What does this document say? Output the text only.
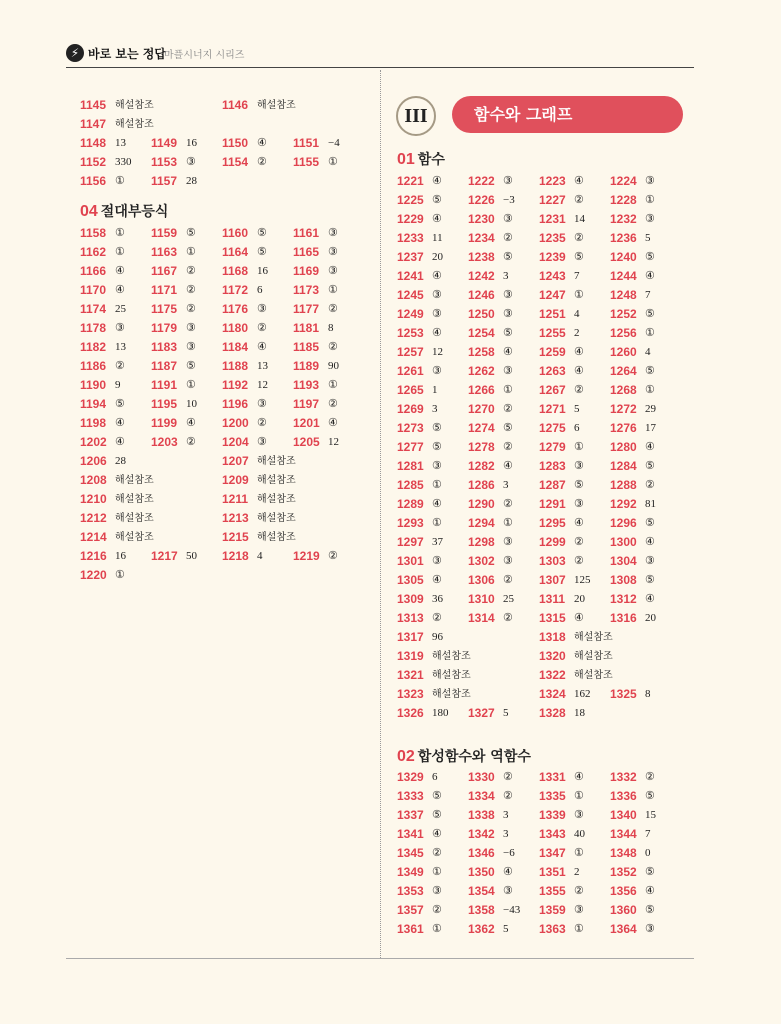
⚡ 바로 보는 정답
마플시너지 시리즈
1145 해설참조	1146 해설참조
1147 해설참조
1148 13 1149 16 1150 ④ 1151 −4
1152 330 1153 ③ 1154 ② 1155 ①
1156 ① 1157 28
04 절대부등식
1158 ① 1159 ⑤ 1160 ⑤ 1161 ③
1162 ① 1163 ① 1164 ⑤ 1165 ③
1166 ④ 1167 ② 1168 16 1169 ③
1170 ④ 1171 ② 1172 6	1173 ①
1174 25 1175 ② 1176 ③ 1177 ②
1178 ③ 1179 ③ 1180 ② 1181 8
1182 13 1183 ③ 1184 ④ 1185 ②
1186 ② 1187 ⑤ 1188 13 1189 90
1190 9	1191 ① 1192 12 1193 ①
1194 ⑤ 1195 10 1196 ③ 1197 ②
1198 ④ 1199 ④ 1200 ② 1201 ④
1202 ④ 1203 ② 1204 ③ 1205 12
1206 28	1207 해설참조
1208 해설참조	1209 해설참조
1210 해설참조	1211 해설참조
1212 해설참조	1213 해설참조
1214 해설참조	1215 해설참조
1216 16 1217 50 1218 4	1219 ②
1220 ①
III	함수와 그래프
01 함수
1221 ④ 1222 ③ 1223 ④ 1224 ③
1225 ⑤ 1226 −3 1227 ② 1228 ①
1229 ④ 1230 ③ 1231 14 1232 ③
1233 11 1234 ② 1235 ② 1236 5
1237 20 1238 ⑤ 1239 ⑤ 1240 ⑤
1241 ④ 1242 3	1243 7	1244 ④
1245 ③ 1246 ③ 1247 ① 1248 7
1249 ③ 1250 ③ 1251 4	1252 ⑤
1253 ④ 1254 ⑤ 1255 2	1256 ①
1257 12 1258 ④ 1259 ④ 1260 4
1261 ③ 1262 ③ 1263 ④ 1264 ⑤
1265 1	1266 ① 1267 ② 1268 ①
1269 3	1270 ② 1271 5	1272 29
1273 ⑤ 1274 ⑤ 1275 6	1276 17
1277 ⑤ 1278 ② 1279 ① 1280 ④
1281 ③ 1282 ④ 1283 ③ 1284 ⑤
1285 ① 1286 3	1287 ⑤ 1288 ②
1289 ④ 1290 ② 1291 ③ 1292 81
1293 ① 1294 ① 1295 ④ 1296 ⑤
1297 37 1298 ③ 1299 ② 1300 ④
1301 ③ 1302 ③ 1303 ② 1304 ③
1305 ④ 1306 ② 1307 125 1308 ⑤
1309 36 1310 25 1311 20 1312 ④
1313 ② 1314 ② 1315 ④ 1316 20
1317 96	1318 해설참조
1319 해설참조	1320 해설참조
1321 해설참조	1322 해설참조
1323 해설참조	1324 162 1325 8
1326 180 1327 5	1328 18
02 합성함수와 역함수
1329 6	1330 ② 1331 ④ 1332 ②
1333 ⑤ 1334 ② 1335 ① 1336 ⑤
1337 ⑤ 1338 3	1339 ③ 1340 15
1341 ④ 1342 3	1343 40 1344 7
1345 ② 1346 −6 1347 ① 1348 0
1349 ① 1350 ④ 1351 2	1352 ⑤
1353 ③ 1354 ③ 1355 ② 1356 ④
1357 ② 1358 −43 1359 ③ 1360 ⑤
1361 ① 1362 5	1363 ① 1364 ③
